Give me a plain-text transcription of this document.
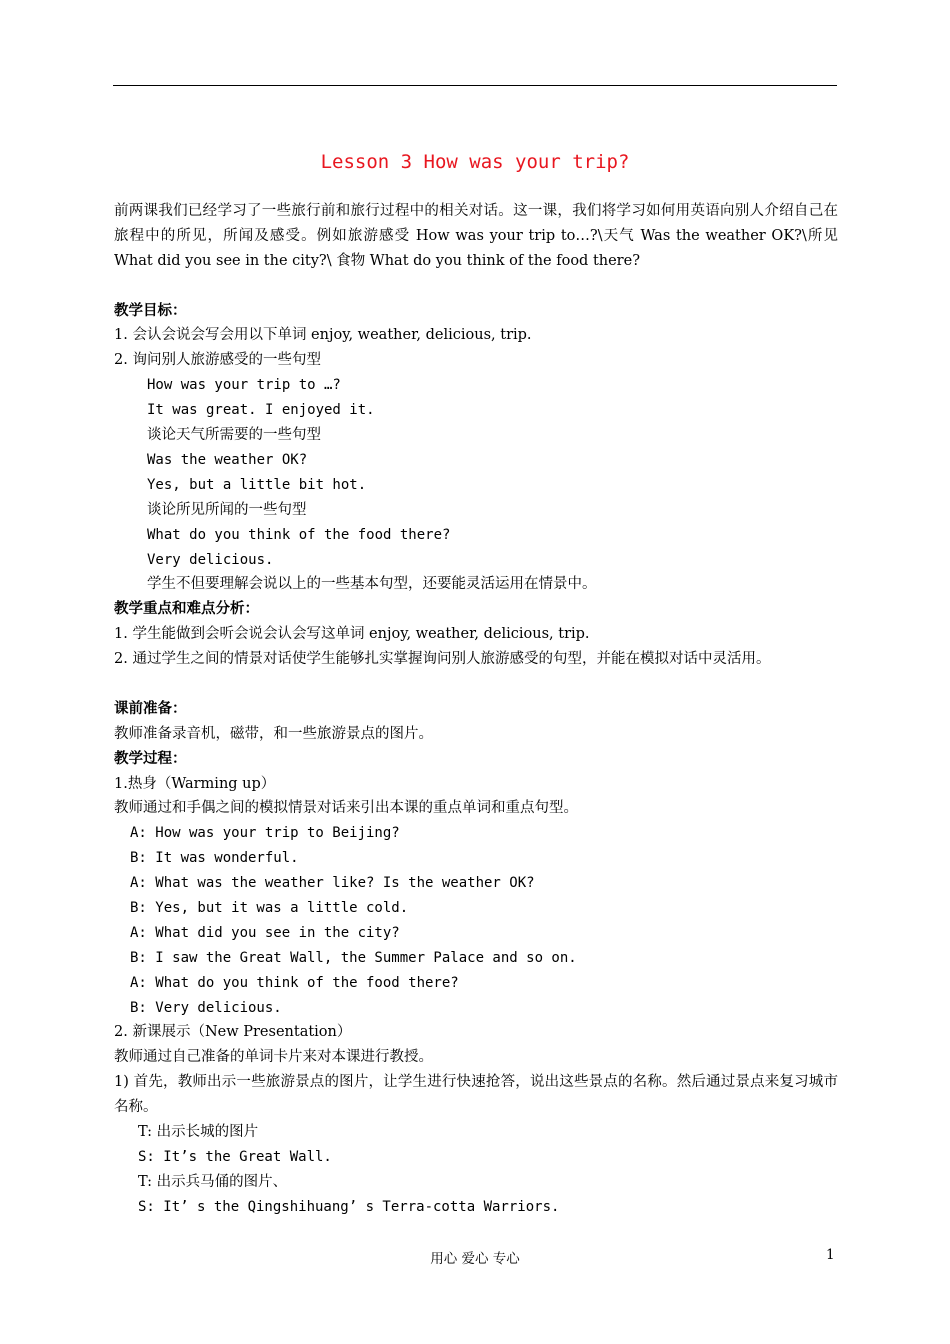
Lesson 3 How was your trip?
前两课我们已经学习了一些旅行前和旅行过程中的相关对话。这一课，我们将学习如何用英语向别人介绍自己在旅程中的所见，所闻及感受。例如旅游感受 How was your trip to…?\天气 Was the weather OK?\所见 What did you see in the city?\ 食物 What do you think of the food there?
教学目标：
1. 会认会说会写会用以下单词 enjoy, weather, delicious, trip.
2. 询问别人旅游感受的一些句型
How was your trip to …?
It was great. I enjoyed it.
谈论天气所需要的一些句型
Was the weather OK?
Yes, but a little bit hot.
谈论所见所闻的一些句型
What do you think of the food there?
Very delicious.
学生不但要理解会说以上的一些基本句型，还要能灵活运用在情景中。
教学重点和难点分析：
1. 学生能做到会听会说会认会写这单词 enjoy, weather, delicious, trip.
2. 通过学生之间的情景对话使学生能够扎实掌握询问别人旅游感受的句型，并能在模拟对话中灵活用。
课前准备：
教师准备录音机，磁带，和一些旅游景点的图片。
教学过程：
1.热身（Warming up）
教师通过和手偶之间的模拟情景对话来引出本课的重点单词和重点句型。
A: How was your trip to Beijing?
B: It was wonderful.
A: What was the weather like? Is the weather OK?
B: Yes, but it was a little cold.
A: What did you see in the city?
B: I saw the Great Wall, the Summer Palace and so on.
A: What do you think of the food there?
B: Very delicious.
2. 新课展示（New Presentation）
教师通过自己准备的单词卡片来对本课进行教授。
1) 首先，教师出示一些旅游景点的图片，让学生进行快速抢答，说出这些景点的名称。然后通过景点来复习城市名称。
T: 出示长城的图片
S: It’s the Great Wall.
T: 出示兵马俑的图片、
S: It’ s the Qingshihuang’ s Terra-cotta Warriors.
用心 爱心 专心	1
